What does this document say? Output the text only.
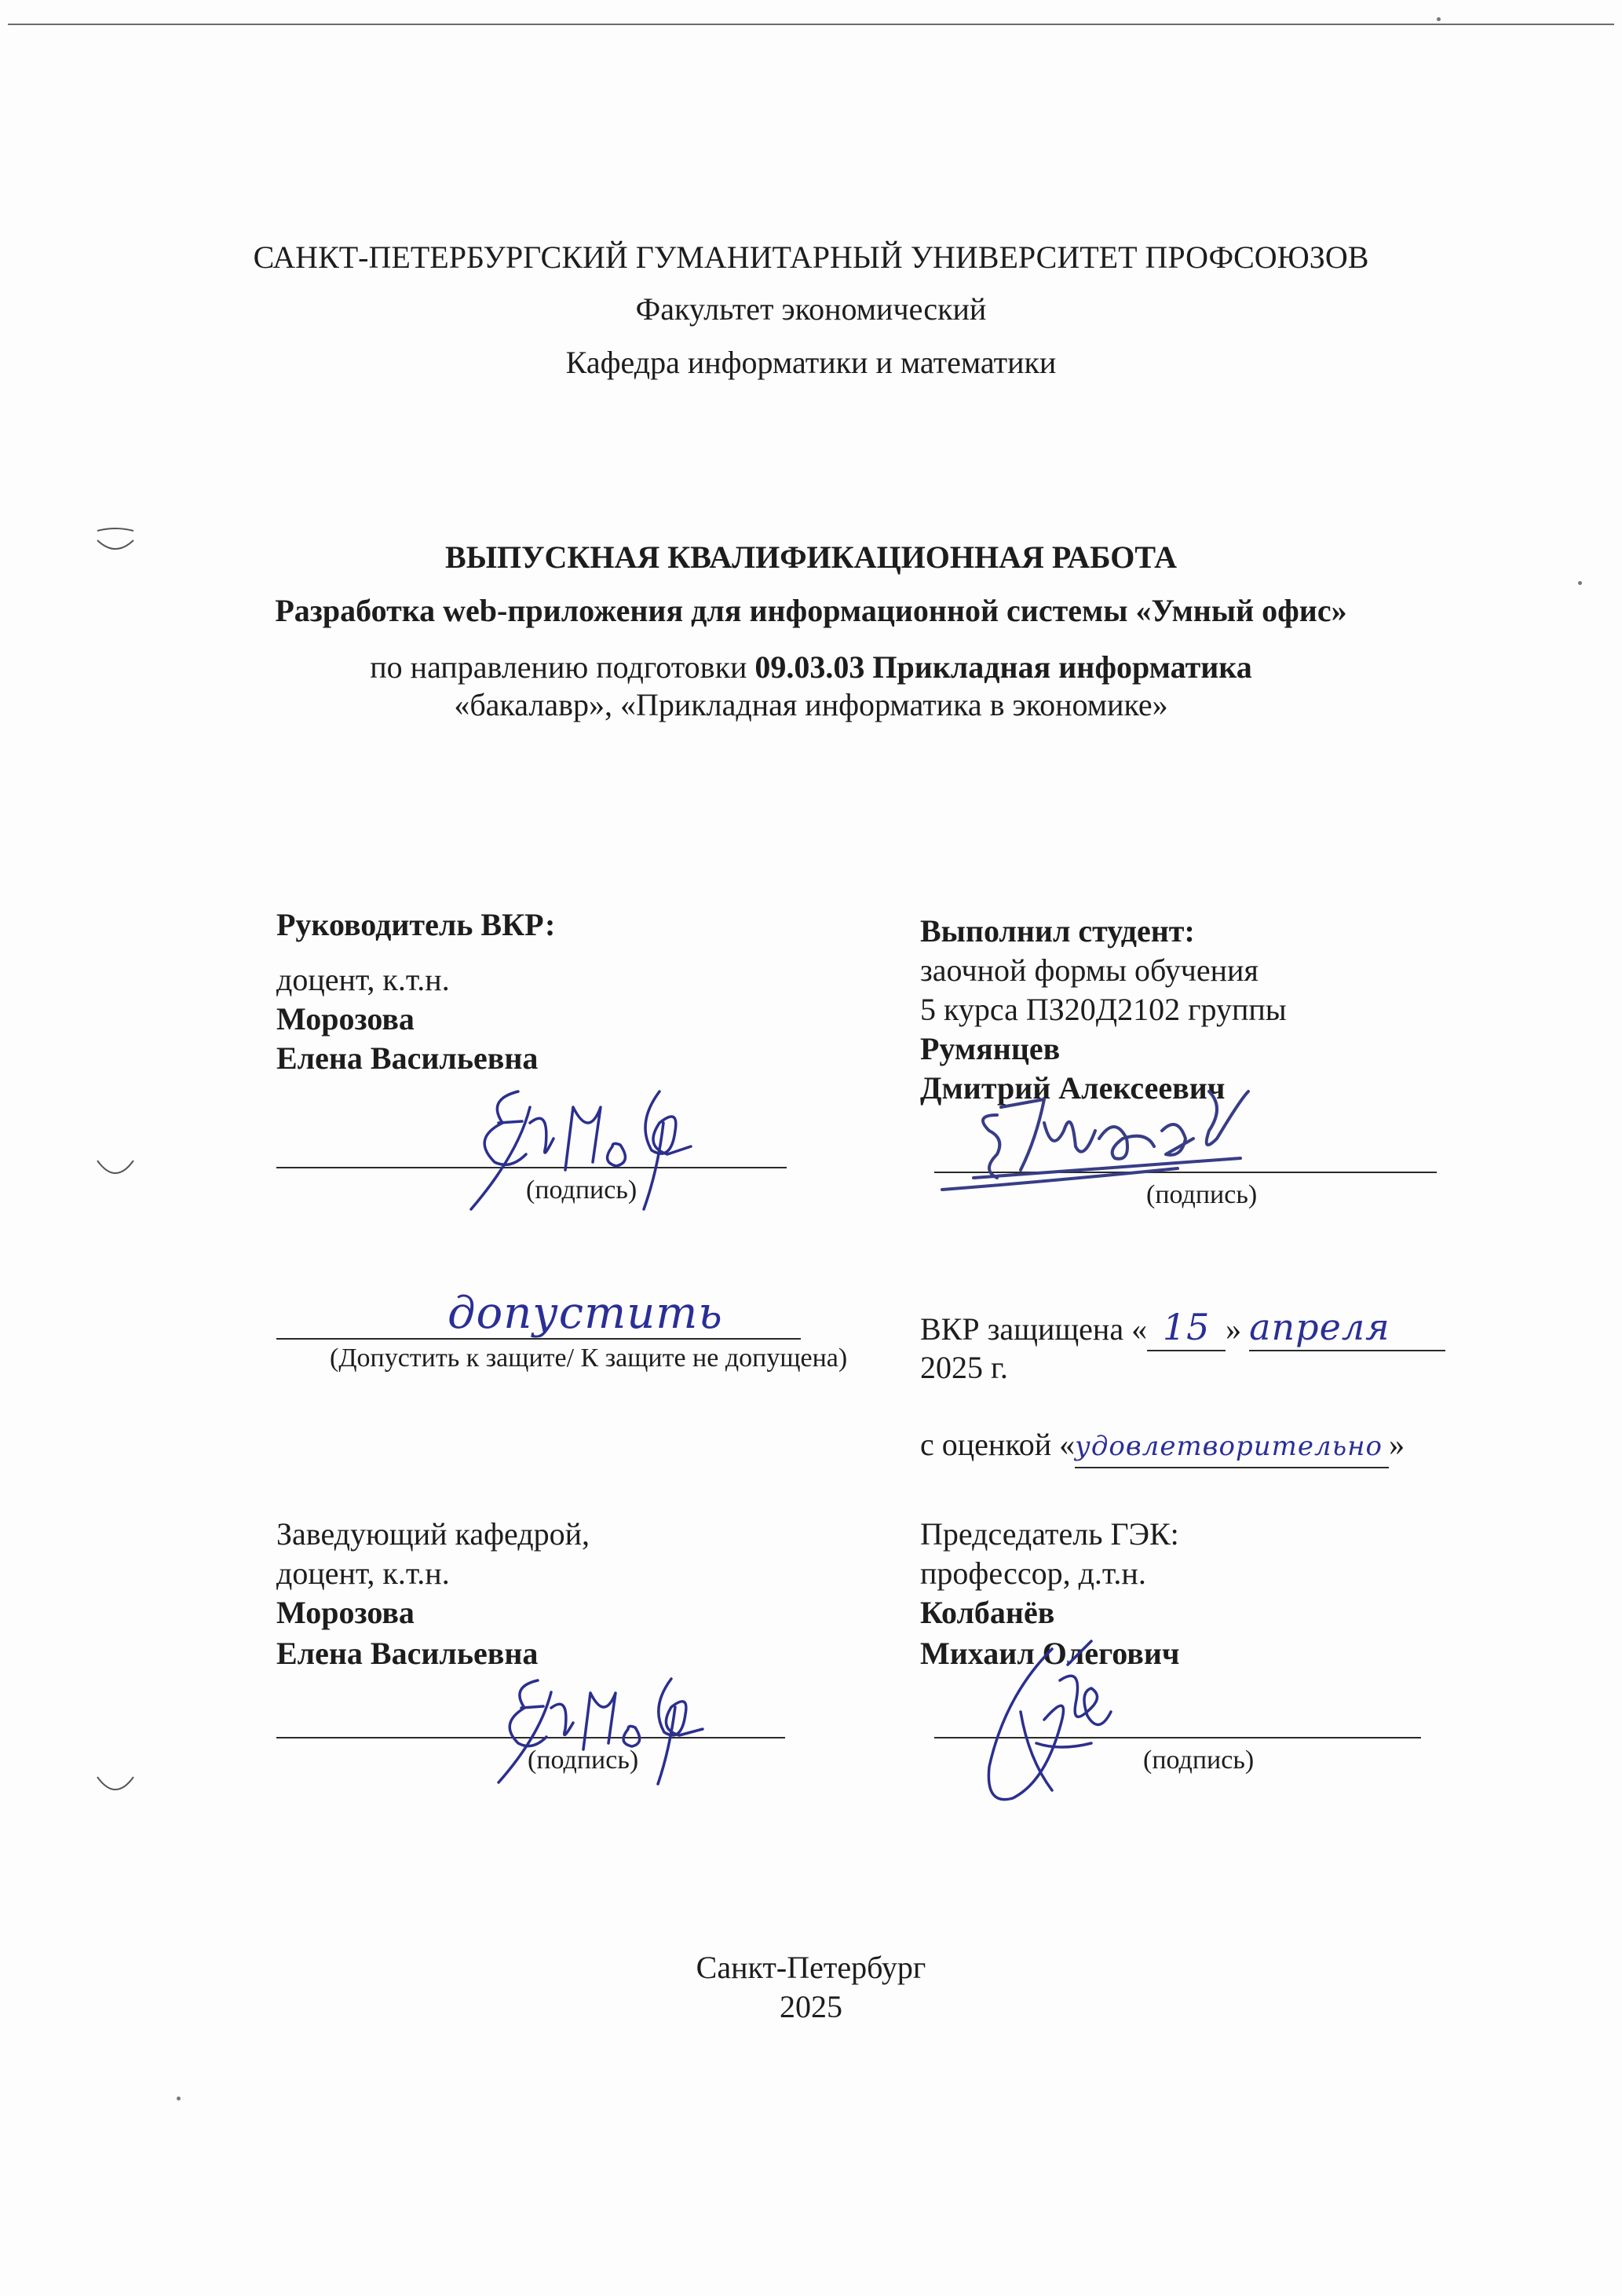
САНКТ-ПЕТЕРБУРГСКИЙ ГУМАНИТАРНЫЙ УНИВЕРСИТЕТ ПРОФСОЮЗОВ
Факультет экономический
Кафедра информатики и математики
ВЫПУСКНАЯ КВАЛИФИКАЦИОННАЯ РАБОТА
Разработка web-приложения для информационной системы «Умный офис»
по направлению подготовки 09.03.03 Прикладная информатика
«бакалавр», «Прикладная информатика в экономике»
Руководитель ВКР:
доцент, к.т.н.
Морозова
Елена Васильевна
(подпись)
Выполнил студент:
заочной формы обучения
5 курса ПЗ20Д2102 группы
Румянцев
Дмитрий Алексеевич
(подпись)
допустить
(Допустить к защите/ К защите не допущена)
ВКР защищена « 15 » апреля
2025 г.
с оценкой «удовлетворительно »
Заведующий кафедрой,
доцент, к.т.н.
Морозова
Елена Васильевна
(подпись)
Председатель ГЭК:
профессор, д.т.н.
Колбанёв
Михаил Олегович
(подпись)
Санкт-Петербург
2025
